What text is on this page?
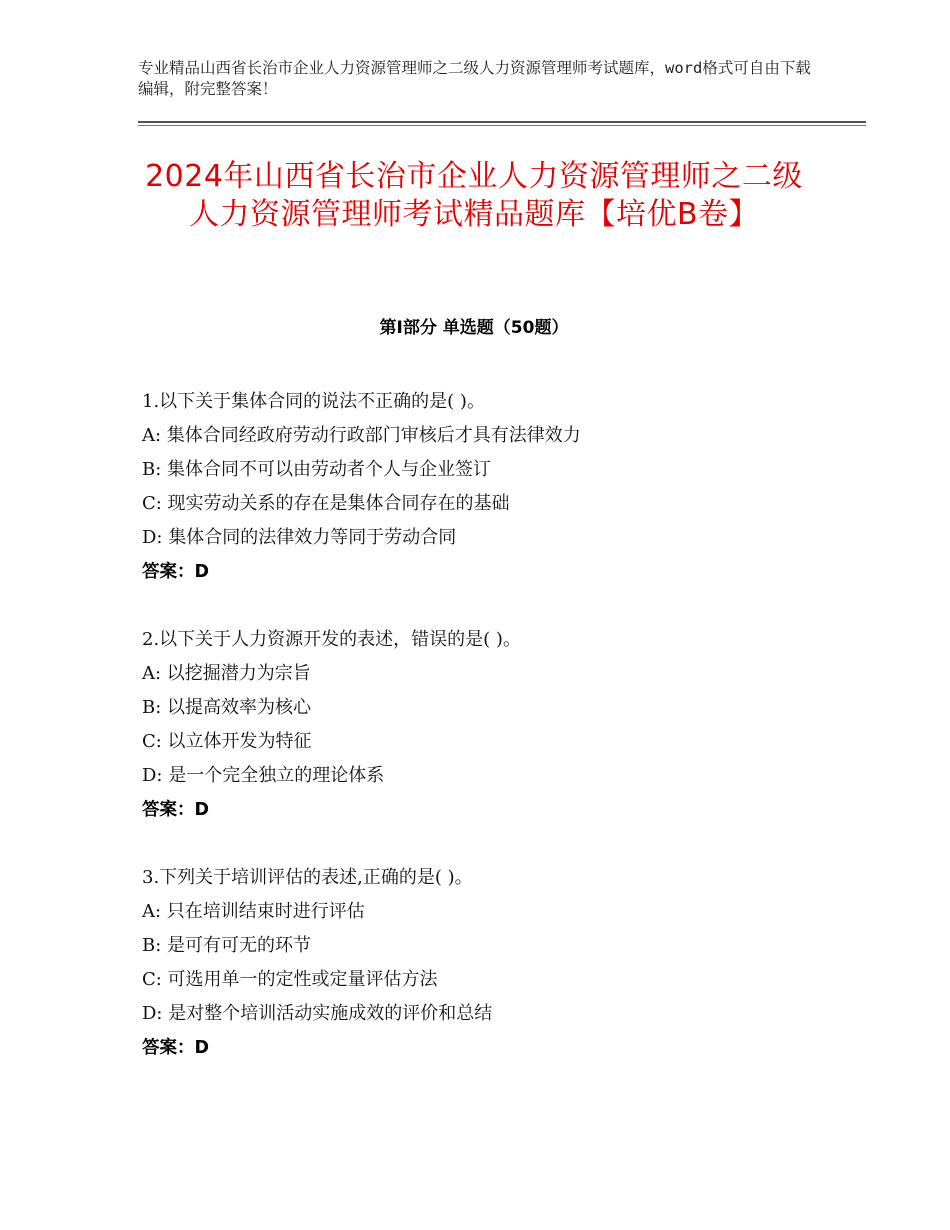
专业精品山西省长治市企业人力资源管理师之二级人力资源管理师考试题库，word格式可自由下载编辑，附完整答案！
2024年山西省长治市企业人力资源管理师之二级人力资源管理师考试精品题库【培优B卷】
第Ⅰ部分 单选题（50题）
1.以下关于集体合同的说法不正确的是( )。
A: 集体合同经政府劳动行政部门审核后才具有法律效力
B: 集体合同不可以由劳动者个人与企业签订
C: 现实劳动关系的存在是集体合同存在的基础
D: 集体合同的法律效力等同于劳动合同
答案：D
2.以下关于人力资源开发的表述，错误的是( )。
A: 以挖掘潜力为宗旨
B: 以提高效率为核心
C: 以立体开发为特征
D: 是一个完全独立的理论体系
答案：D
3.下列关于培训评估的表述,正确的是( )。
A: 只在培训结束时进行评估
B: 是可有可无的环节
C: 可选用单一的定性或定量评估方法
D: 是对整个培训活动实施成效的评价和总结
答案：D
